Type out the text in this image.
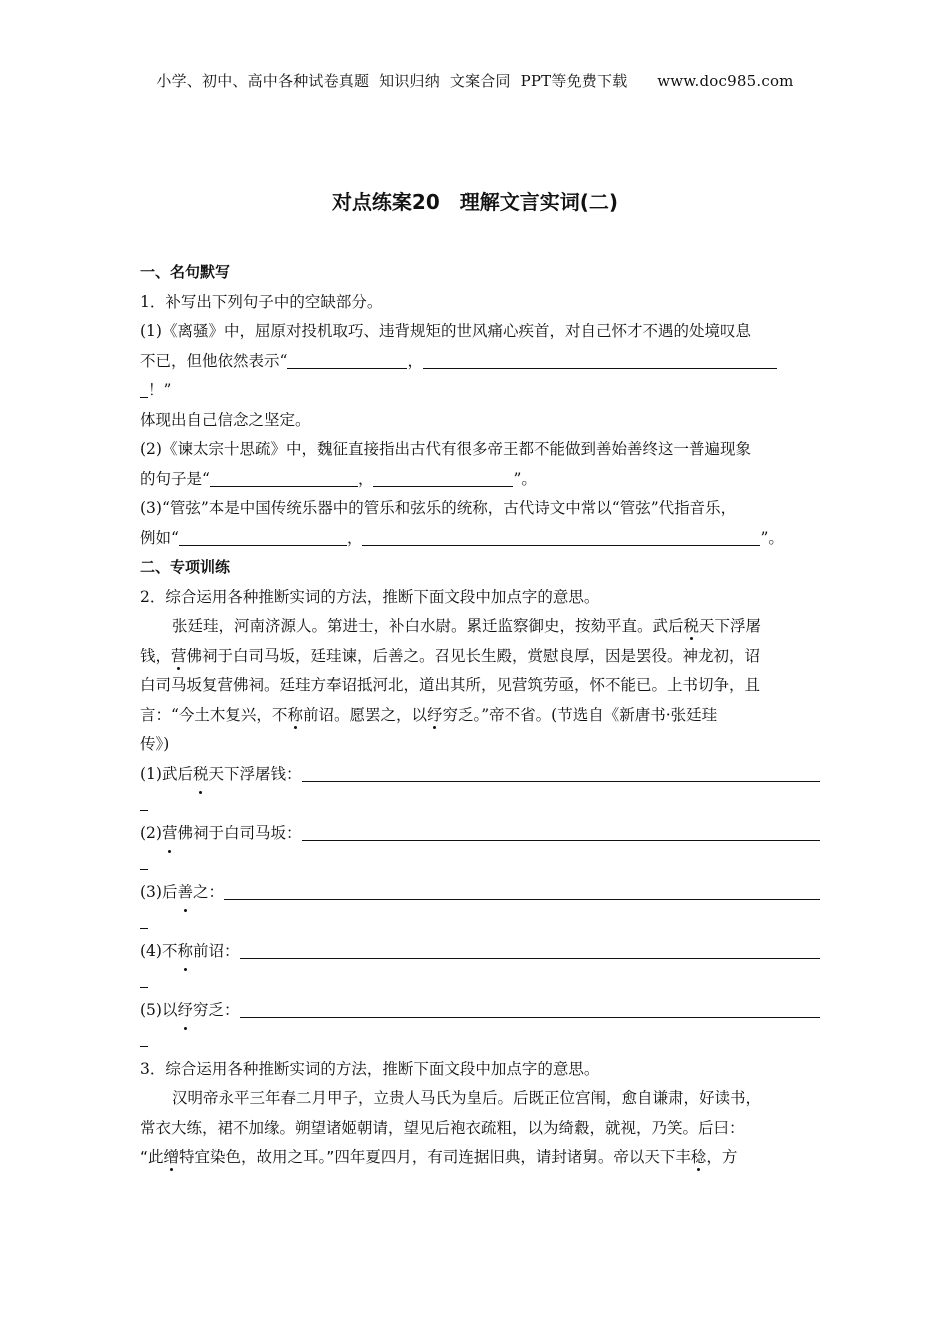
小学、初中、高中各种试卷真题  知识归纳  文案合同  PPT等免费下载      www.doc985.com
对点练案20　理解文言实词(二)
一、名句默写
1．补写出下列句子中的空缺部分。
(1)《离骚》中，屈原对投机取巧、违背规矩的世风痛心疾首，对自己怀才不遇的处境叹息
不已，但他依然表示“	，
！”
体现出自己信念之坚定。
(2)《谏太宗十思疏》中，魏征直接指出古代有很多帝王都不能做到善始善终这一普遍现象
的句子是“	，	”。
(3)“管弦”本是中国传统乐器中的管乐和弦乐的统称，古代诗文中常以“管弦”代指音乐，
例如“	，	”。
二、专项训练
2．综合运用各种推断实词的方法，推断下面文段中加点字的意思。
张廷珪，河南济源人。第进士，补白水尉。累迁监察御史，按劾平直。武后税天下浮屠
钱，营佛祠于白司马坂，廷珪谏，后善之。召见长生殿，赏慰良厚，因是罢役。神龙初，诏
白司马坂复营佛祠。廷珪方奉诏抵河北，道出其所，见营筑劳亟，怀不能已。上书切争，且
言：“今土木复兴，不称前诏。愿罢之，以纾穷乏。”帝不省。(节选自《新唐书·张廷珪
传》)
(1)武后 税 天下浮屠钱：
(2) 营 佛祠于白司马坂：
(3)后 善 之：
(4)不 称 前诏：
(5)以 纾 穷乏：
3．综合运用各种推断实词的方法，推断下面文段中加点字的意思。
汉明帝永平三年春二月甲子，立贵人马氏为皇后。后既正位宫闱，愈自谦肃，好读书，
常衣大练，裙不加缘。朔望诸姬朝请，望见后袍衣疏粗，以为绮縠，就视，乃笑。后曰：
“此缯特宜染色，故用之耳。”四年夏四月，有司连据旧典，请封诸舅。帝以天下丰稔，方
